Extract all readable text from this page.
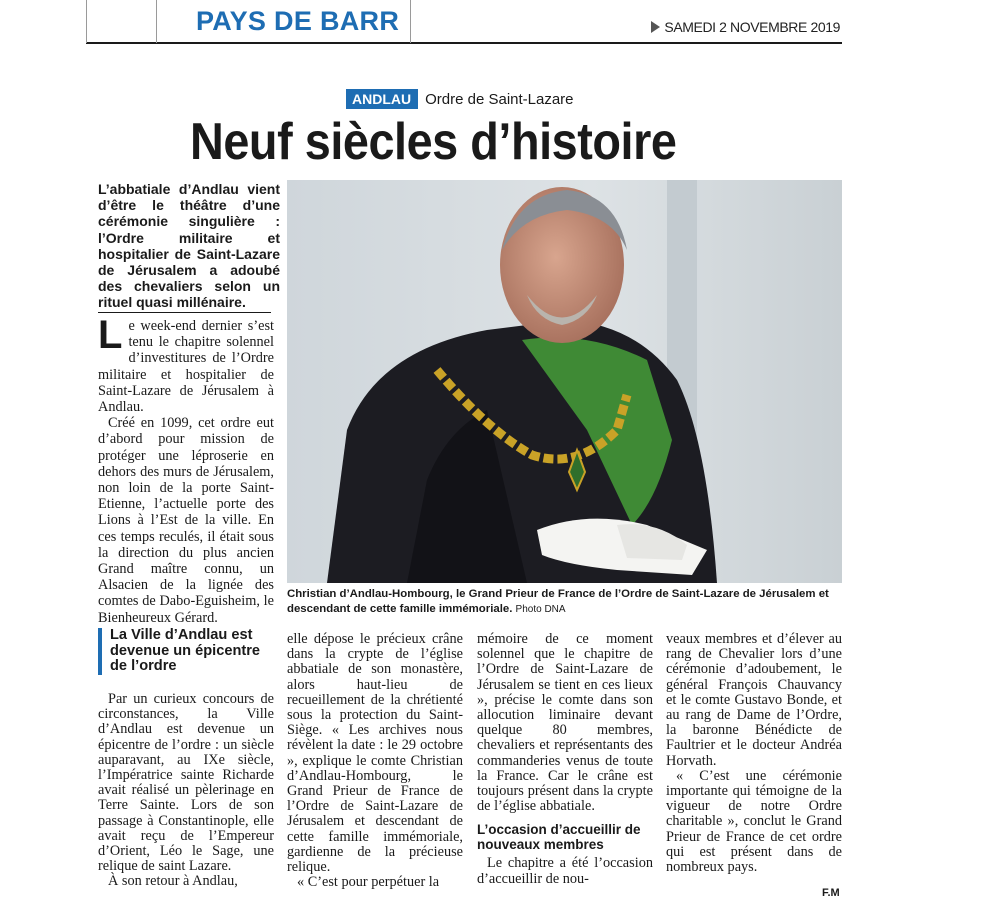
PAYS DE BARR	SAMEDI 2 NOVEMBRE 2019
ANDLAU Ordre de Saint-Lazare
Neuf siècles d’histoire
L’abbatiale d’Andlau vient d’être le théâtre d’une cérémonie singulière : l’Ordre militaire et hospitalier de Saint-Lazare de Jérusalem a adoubé des chevaliers selon un rituel quasi millénaire.

Le week-end dernier s’est tenu le chapitre solennel d’investitures de l’Ordre militaire et hospitalier de Saint-Lazare de Jérusalem à Andlau.

Créé en 1099, cet ordre eut d’abord pour mission de protéger une léproserie en dehors des murs de Jérusalem, non loin de la porte Saint-Etienne, l’actuelle porte des Lions à l’Est de la ville. En ces temps reculés, il était sous la direction du plus ancien Grand maître connu, un Alsacien de la lignée des comtes de Dabo-Eguisheim, le Bienheureux Gérard.

Christian d’Andlau-Hombourg, le Grand Prieur de France de l’Ordre de Saint-Lazare de Jérusalem et descendant de cette famille immémoriale. Photo DNA
La Ville d’Andlau est devenue un épicentre de l’ordre

Par un curieux concours de circonstances, la Ville d’Andlau est devenue un épicentre de l’ordre : un siècle auparavant, au IXe siècle, l’Impératrice sainte Richarde avait réalisé un pèlerinage en Terre Sainte. Lors de son passage à Constantinople, elle avait reçu de l’Empereur d’Orient, Léo le Sage, une relique de saint Lazare.

À son retour à Andlau,

elle dépose le précieux crâne dans la crypte de l’église abbatiale de son monastère, alors haut-lieu de recueillement de la chrétienté sous la protection du Saint-Siège. « Les archives nous révèlent la date : le 29 octobre », explique le comte Christian d’Andlau-Hombourg, le Grand Prieur de France de l’Ordre de Saint-Lazare de Jérusalem et descendant de cette famille immémoriale, gardienne de la précieuse relique.

« C’est pour perpétuer la

mémoire de ce moment solennel que le chapitre de l’Ordre de Saint-Lazare de Jérusalem se tient en ces lieux », précise le comte dans son allocution liminaire devant quelque 80 membres, chevaliers et représentants des commanderies venus de toute la France. Car le crâne est toujours présent dans la crypte de l’église abbatiale.

L’occasion d’accueillir de nouveaux membres

Le chapitre a été l’occasion d’accueillir de nou-

veaux membres et d’élever au rang de Chevalier lors d’une cérémonie d’adoubement, le général François Chauvancy et le comte Gustavo Bonde, et au rang de Dame de l’Ordre, la baronne Bénédicte de Faultrier et le docteur Andréa Horvath.

« C’est une cérémonie importante qui témoigne de la vigueur de notre Ordre charitable », conclut le Grand Prieur de France de cet ordre qui est présent dans de nombreux pays.

F.M
